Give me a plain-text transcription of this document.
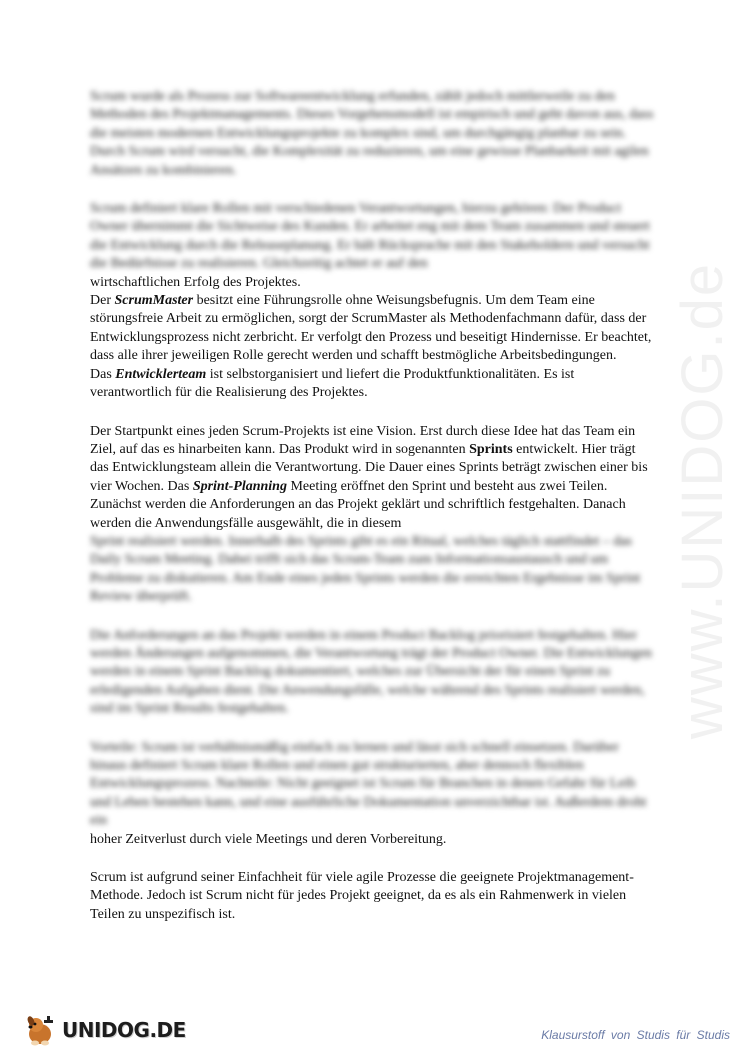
www.UNIDOG.de

Scrum wurde als Prozess zur Softwareentwicklung erfunden, zählt jedoch mittlerweile zu den Methoden des Projektmanagements. Dieses Vorgehensmodell ist empirisch und geht davon aus, dass die meisten modernen Entwicklungsprojekte zu komplex sind, um durchgängig planbar zu sein. Durch Scrum wird versucht, die Komplexität zu reduzieren, um eine gewisse Planbarkeit mit agilen Ansätzen zu kombinieren.

Scrum definiert klare Rollen mit verschiedenen Verantwortungen, hierzu gehören: Der Product Owner übernimmt die Sichtweise des Kunden. Er arbeitet eng mit dem Team zusammen und steuert die Entwicklung durch die Releaseplanung. Er hält Rücksprache mit den Stakeholdern und versucht die Bedürfnisse zu realisieren. Gleichzeitig achtet er auf den

wirtschaftlichen Erfolg des Projektes.
Der ScrumMaster besitzt eine Führungsrolle ohne Weisungsbefugnis. Um dem Team eine störungsfreie Arbeit zu ermöglichen, sorgt der ScrumMaster als Methodenfachmann dafür, dass der Entwicklungsprozess nicht zerbricht. Er verfolgt den Prozess und beseitigt Hindernisse. Er beachtet, dass alle ihrer jeweiligen Rolle gerecht werden und schafft bestmögliche Arbeitsbedingungen.
Das Entwicklerteam ist selbstorganisiert und liefert die Produktfunktionalitäten. Es ist verantwortlich für die Realisierung des Projektes.

Der Startpunkt eines jeden Scrum-Projekts ist eine Vision. Erst durch diese Idee hat das Team ein Ziel, auf das es hinarbeiten kann. Das Produkt wird in sogenannten Sprints entwickelt. Hier trägt das Entwicklungsteam allein die Verantwortung. Die Dauer eines Sprints beträgt zwischen einer bis vier Wochen. Das Sprint-Planning Meeting eröffnet den Sprint und besteht aus zwei Teilen. Zunächst werden die Anforderungen an das Projekt geklärt und schriftlich festgehalten. Danach werden die Anwendungsfälle ausgewählt, die in diesem

Sprint realisiert werden. Innerhalb des Sprints gibt es ein Ritual, welches täglich stattfindet – das Daily Scrum Meeting. Dabei trifft sich das Scrum-Team zum Informationsaustausch und um Probleme zu diskutieren. Am Ende eines jeden Sprints werden die erreichten Ergebnisse im Sprint Review überprüft.

Die Anforderungen an das Projekt werden in einem Product Backlog priorisiert festgehalten. Hier werden Änderungen aufgenommen, die Verantwortung trägt der Product Owner. Die Entwicklungen werden in einem Sprint Backlog dokumentiert, welches zur Übersicht der für einen Sprint zu erledigenden Aufgaben dient. Die Anwendungsfälle, welche während des Sprints realisiert werden, sind im Sprint Results festgehalten.

Vorteile: Scrum ist verhältnismäßig einfach zu lernen und lässt sich schnell einsetzen. Darüber hinaus definiert Scrum klare Rollen und einen gut strukturierten, aber dennoch flexiblen Entwicklungsprozess. Nachteile: Nicht geeignet ist Scrum für Branchen in denen Gefahr für Leib und Leben bestehen kann, und eine ausführliche Dokumentation unverzichtbar ist. Außerdem droht ein

hoher Zeitverlust durch viele Meetings und deren Vorbereitung.

Scrum ist aufgrund seiner Einfachheit für viele agile Prozesse die geeignete Projektmanagement-Methode. Jedoch ist Scrum nicht für jedes Projekt geeignet, da es als ein Rahmenwerk in vielen Teilen zu unspezifisch ist.

UNIDOG.DE	Klausurstoff von Studis für Studis
